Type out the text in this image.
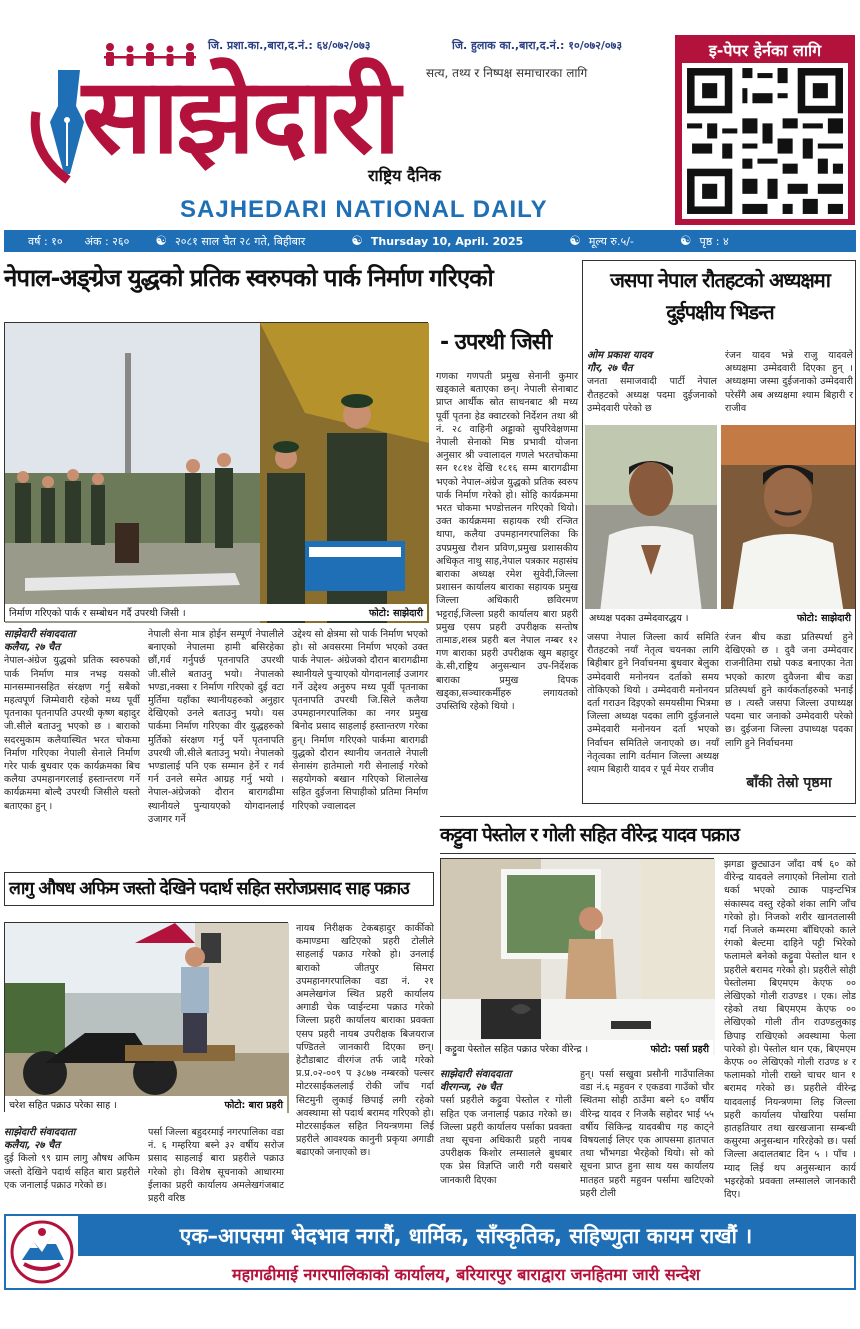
जि. प्रशा.का.,बारा,द.नं.: ६४/०७२/०७३	जि. हुलाक का.,बारा,द.नं.: १०/०७२/०७३
साझेदारी सत्य, तथ्य र निष्पक्ष समाचारका लागि
राष्ट्रिय दैनिक
SAJHEDARI NATIONAL DAILY
इ-पेपर हेर्नका लागि
वर्ष : १० अंक : २६० ☯ २०८१ साल चैत २८ गते, बिहीबार	☯ Thursday 10, April. 2025	☯ मूल्य रु.५/-	☯ पृष्ठ : ४
नेपाल-अङ्ग्रेज युद्धको प्रतिक स्वरुपको पार्क निर्माण गरिएको
निर्माण गरिएको पार्क र सम्बोधन गर्दै उपरथी जिसी ।	फोटो: साझेदारी
- उपरथी जिसी

गणका गणपती प्रमुख सेनानी कुमार खड्काले बताएका छन्। नेपाली सेनाबाट प्राप्त आर्थीक स्रोत साधनबाट श्री मध्य पूर्वी पृतना हेड क्वाटरको निर्देशन तथा श्री नं. २८ वाहिनी अड्डाको सुपरिवेक्षणमा नेपाली सेनाको मिष्ठ प्रभावी योजना अनुसार श्री ज्वालादल गणले भरतचोकमा सन १८१४ देखि १८१६ सम्म बारागढीमा भएको नेपाल-अंग्रेज युद्धको प्रतिक स्वरुप पार्क निर्माण गरेको हो। सोहि कार्यक्रममा भरत चोकमा भण्डोत्तलन गरिएको थियो। उक्त कार्यक्रममा सहायक रथी रन्जित थापा, कलैया उपमहानगरपालिका कि उपप्रमुख रौशन प्रविण,प्रमुख प्रशासकीय अधिकृत नाथु साह,नेपाल पत्रकार महासंघ बाराका अध्यक्ष रमेश सुवेदी,जिल्ला प्रशासन कार्यालय बाराका सहायक प्रमुख जिल्ला अधिकारी छविरमण भट्टराई,जिल्ला प्रहरी कार्यालय बारा प्रहरी प्रमुख एसप प्रहरी उपरीक्षक सन्तोष तामाङ,शस्त्र प्रहरी बल नेपाल नम्बर १२ गण बाराका प्रहरी उपरीक्षक खुम बहादुर के.सी,राष्ट्रिय अनुसन्धान उप-निर्देशक बाराका प्रमुख दिपक खड्का,सञ्चारकर्मीहरु लगायतको उपस्तिथि रहेको थियो ।

साझेदारी संवाददाता
कलैया, २७ चैत

नेपाल-अंग्रेज युद्धको प्रतिक स्वरुपको पार्क निर्माण मात्र नभइ यसको मानसम्मानसहित संरक्षण गर्नु सबैको महत्वपूर्ण जिम्मेवारी रहेको मध्य पूर्वी पृतनाका पृतनापति उपरथी कृष्ण बहादुर जी.सीले बताउनु भएको छ । बाराको सदरमुकाम कलैयास्थित भरत चोकमा निर्माण गरिएका नेपाली सेनाले निर्माण गरेर पार्क बुधवार एक कार्यक्रमका बिच कलैया उपमहानगरलाई हस्तान्तरण गर्ने कार्यक्रममा बोल्दै उपरथी जिसीले यस्तो बताएका हुन् ।

नेपाली सेना मात्र होईन सम्पूर्ण नेपालीले बनाएको नेपालमा हामी बसिरहेका छौं,गर्व गर्नुपर्छ पृतनापति उपरथी जी.सीले बताउनु भयो। नेपालको भण्डा,नक्सा र निर्माण गरिएको दुई वटा मुर्तिमा यहाँका स्थानीयहरुको अनुहार देखिएको उनले बताउनु भयो। यस पार्कमा निर्माण गरिएका वीर युद्धहरुको मुर्तिको संरक्षण गर्नु पर्ने पृतनापति उपरथी जी.सीले बताउनु भयो। नेपालको भण्डालाई पनि एक सम्मान हेर्ने र गर्व गर्न उनले समेत आग्रह गर्नु भयो । नेपाल-अंग्रेजको दौरान बारागढीमा स्थानीयले पुन्यायएको योगदानलाई उजागर गर्ने

उद्देश्य सो क्षेत्रमा सो पार्क निर्माण भएको हो। सो अवसरमा निर्माण भएको उक्त पार्क नेपाल- अंग्रेजको दौरान बारागढीमा स्थानीयले पुऱ्याएको योगदानलाई उजागर गर्ने उद्देश्य अनुरुप मध्य पूर्वी पृतनाका पृतनापति उपरथी जि.सिले कलैया उपमहानगरपालिका का नगर प्रमुख बिनोद प्रसाद साहलाई हस्तान्तरण गरेका हुन्। निर्माण गरिएको पार्कमा बारागढी युद्धको दौरान स्थानीय जनताले नेपाली सेनासंग हातेमालो गरी सेनालाई गरेको सहयोगको बखान गरिएको शिलालेख सहित दुईजना सिपाहीको प्रतिमा निर्माण गरिएको ज्वालादल

जसपा नेपाल रौतहटको अध्यक्षमा
दुईपक्षीय भिडन्त
ओम प्रकाश यादव
गौर, २७ चैत

जनता समाजवादी पार्टी नेपाल रौतहटको अध्यक्ष पदमा दुईजनाको उम्मेदवारी परेको छ

रंजन यादव भन्ने राजु यादवले अध्यक्षमा उम्मेदवारी दिएका हुन् । अध्यक्षमा जस्मा दुईजनाको उम्मेदवारी परेसँगै अब अध्यक्षमा श्याम बिहारी र राजीव

अध्यक्ष पदका उम्मेदवारद्धय ।	फोटो: साझेदारी

जसपा नेपाल जिल्ला कार्य समिति रौतहटको नयाँ नेतृत्व चयनका लागि बिहीबार हुने निर्वाचनमा बुधवार बेलुका उम्मेदवारी मनोनयन दर्ताको समय तोकिएको थियो । उम्मेदवारी मनोनयन दर्ता गराउन दिइएको समयसीमा भित्रमा जिल्ला अध्यक्ष पदका लागि दुईजनाले उम्मेदवारी मनोनयन दर्ता भएको निर्वाचन समितिले जनाएको छ। नयाँ नेतृत्वका लागि वर्तमान जिल्ला अध्यक्ष श्याम बिहारी यादव र पूर्व मेयर राजीव

रंजन बीच कडा प्रतिस्पर्धा हुने देखिएको छ । दुवै जना उम्मेदवार राजनीतिमा राम्रो पकड बनाएका नेता भएको कारण दुवैजना बीच कडा प्रतिस्पर्धा हुने कार्यकर्ताहरुको भनाई छ । त्यस्तै जसपा जिल्ला उपाध्यक्ष पदमा चार जनाको उम्मेदवारी परेको छ। दुईजना जिल्ला उपाध्यक्ष पदका लागि हुने निर्वाचनमा

बाँकी तेस्रो पृष्ठमा
लागु औषध अफिम जस्तो देखिने पदार्थ सहित सरोजप्रसाद साह पक्राउ
चरेश सहित पक्राउ परेका साह ।	फोटो: बारा प्रहरी
साझेदारी संवाददाता
कलैया, २७ चैत

दुई किलो ९९ ग्राम लागु औषध अफिम जस्तो देखिने पदार्थ सहित बारा प्रहरीले एक जनालाई पक्राउ गरेको छ।

पर्सा जिल्ला बहुदरमाई नगरपालिका वडा नं. ६ गम्हरिया बस्ने ३२ वर्षीय सरोज प्रसाद साहलाई बारा प्रहरीले पक्राउ गरेको हो। विशेष सूचनाको आधारमा ईलाका प्रहरी कार्यालय अमलेखगंजबाट प्रहरी वरिष्ठ

नायब निरीक्षक टेकबहादुर कार्कीको कमाण्डमा खटिएको प्रहरी टोलीले साहलाई पक्राउ गरेको हो। उनलाई बाराको जीतपुर सिमरा उपमहानगरपालिका वडा नं. २१ अमलेखगंज स्थित प्रहरी कार्यालय अगाडी चेक प्वाईन्टमा पक्राउ गरेको जिल्ला प्रहरी कार्यालय बाराका प्रवक्ता एसप प्रहरी नायब उपरीक्षक बिजयराज पण्डितले जानकारी दिएका छन्। हेटौडाबाट वीरगंज तर्फ जादै गरेको प्र.प्र.०२-००९ प ३८७७ नम्बरको पल्सर मोटरसाईकललाई रोकी जाँच गर्दा सिटमुनी लुकाई छिपाई लगी रहेको अवस्थामा सो पदार्थ बरामद गरिएको हो। मोटरसाईकल सहित नियन्त्रणमा लिई प्रहरीले आवश्यक कानुनी प्रकृया अगाडी बढाएको जनाएको छ।

कट्टुवा पेस्तोल र गोली सहित वीरेन्द्र यादव पक्राउ
कट्टुवा पेस्तोल सहित पक्राउ परेका वीरेन्द्र ।	फोटो: पर्सा प्रहरी
साझेदारी संवाददाता
वीरगन्ज, २७ चैत

पर्सा प्रहरीले कट्टुवा पेस्तोल र गोली सहित एक जनालाई पक्राउ गरेको छ। जिल्ला प्रहरी कार्यालय पर्साका प्रवक्ता तथा सूचना अधिकारी प्रहरी नायब उपरीक्षक किशोर लम्सालले बुधबार एक प्रेस विज्ञप्ति जारी गरी यसबारे जानकारी दिएका

हुन्। पर्सा सखुवा प्रसौनी गाउँपालिका वडा नं.६ महुवन र एकडवा गाउँको चौर स्थितमा सोही ठाउँमा बस्ने ६० वर्षीय वीरेन्द्र यादव र निजकै सहोदर भाई ५५ वर्षीय सिकिन्द्र यादवबीच गह काट्ने विषयलाई लिएर एक आपसमा हातपात तथा भौंभगडा भैरहेको थियो। सो को सूचना प्राप्त हुना साथ यस कार्यालय मातहत प्रहरी महुवन पर्सामा खटिएको प्रहरी टोली

झगडा छुट्याउन जाँदा वर्ष ६० को वीरेन्द्र यादवले लगाएको निलोमा रातो धर्का भएको ट्याक पाइन्टभित्र संकास्पद वस्तु रहेको शंका लागि जाँच गरेको हो। निजको शरीर खानतलासी गर्दा निजले कम्मरमा बाँधिएको काले रंगको बेल्टमा दाहिने पट्टी भिरेको फलामले बनेको कट्टुवा पेस्तोल थान १ प्रहरीले बरामद गरेको हो। प्रहरीले सोही पेस्तोलमा बिएमएम केएफ ०० लेखिएको गोली राउण्ड१ । एक। लोड रहेको तथा बिएमएम केएफ ०० लेखिएको गोली तीन राउण्डलुकाइ छिपाइ राखिएको अवस्थामा फेला पारेको हो। पेस्तोल थान एक, बिएमएम केएफ ०० लेखिएको गोली राउण्ड ४ र फलामको गोली राख्ने चाचर थान १ बरामद गरेको छ। प्रहरीले वीरेन्द्र यादवलाई नियन्त्रणमा लिइ जिल्ला प्रहरी कार्यालय पोखरिया पर्सामा हातहतियार तथा खरखजाना सम्बन्धी कसुरमा अनुसन्धान गरिरहेको छ। पर्सा जिल्ला अदालतबाट दिन ५ । पाँच । म्याद लिई थप अनुसन्धान कार्य भइरहेको प्रवक्ता लम्सालले जानकारी दिए।

एक–आपसमा भेदभाव नगरौं, धार्मिक, साँस्कृतिक, सहिष्णुता कायम राखौं ।
महागढीमाई नगरपालिकाको कार्यालय, बरियारपुर बाराद्वारा जनहितमा जारी सन्देश
